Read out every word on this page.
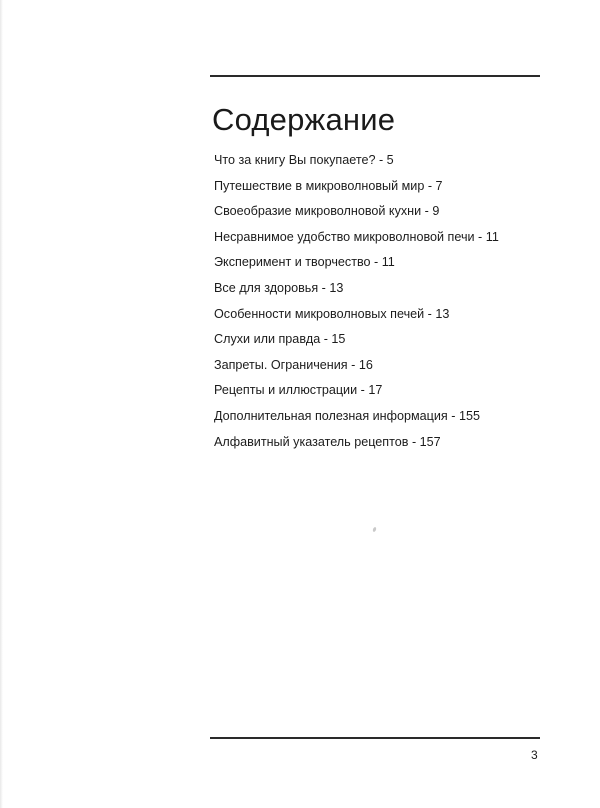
Содержание
Что за книгу Вы покупаете? - 5
Путешествие в микроволновый мир - 7
Своеобразие микроволновой кухни - 9
Несравнимое удобство микроволновой печи - 11
Эксперимент и творчество - 11
Все для здоровья - 13
Особенности микроволновых печей - 13
Слухи или правда - 15
Запреты. Ограничения - 16
Рецепты и иллюстрации - 17
Дополнительная полезная информация - 155
Алфавитный указатель рецептов - 157
3
